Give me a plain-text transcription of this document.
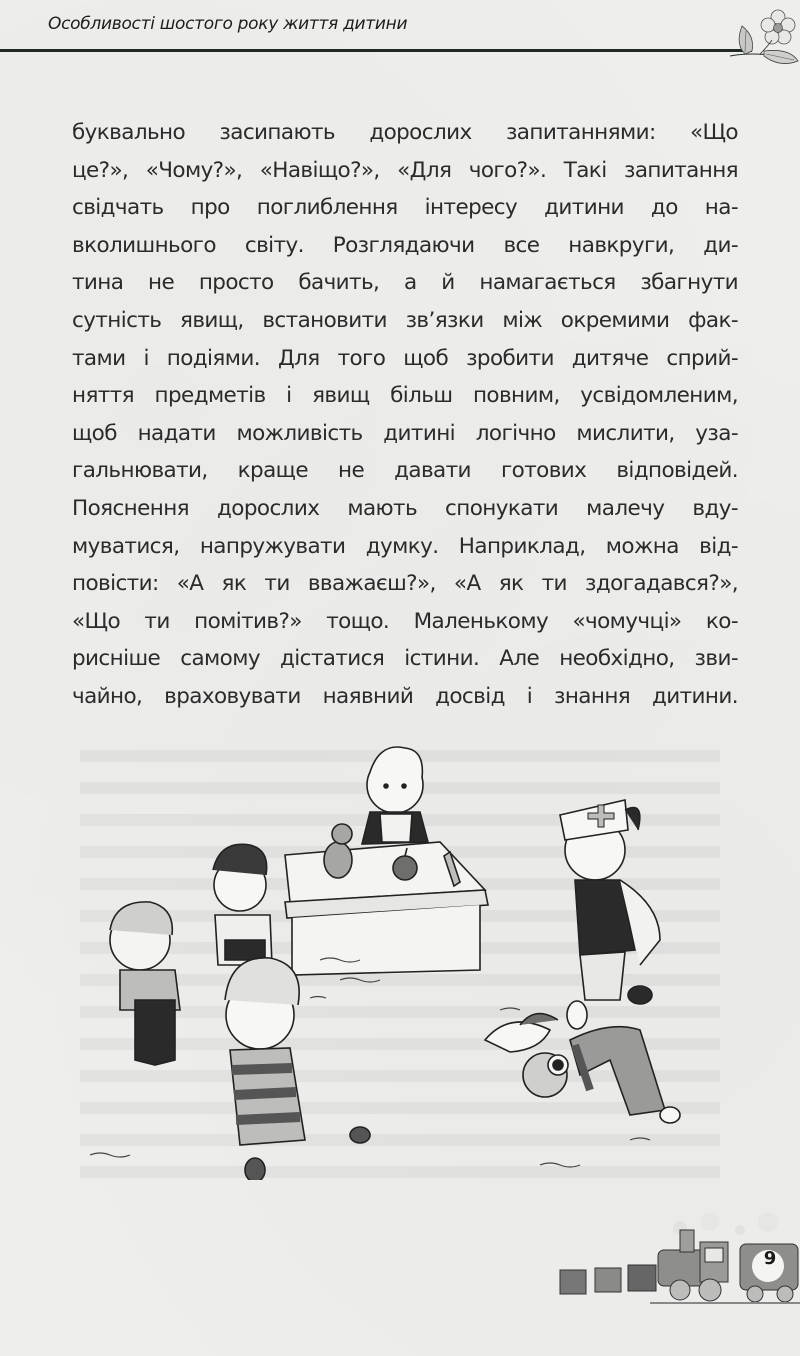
Особливості шостого року життя дитини
буквально засипають дорослих запитаннями: «Що
це?», «Чому?», «Навіщо?», «Для чого?». Такі запитання
свідчать про поглиблення інтересу дитини до на-
вколишнього світу. Розглядаючи все навкруги, ди-
тина не просто бачить, а й намагається збагнути
сутність явищ, встановити зв’язки між окремими фак-
тами і подіями. Для того щоб зробити дитяче сприй-
няття предметів і явищ більш повним, усвідомленим,
щоб надати можливість дитині логічно мислити, уза-
гальнювати, краще не давати готових відповідей.
Пояснення дорослих мають спонукати малечу вду-
муватися, напружувати думку. Наприклад, можна від-
повісти: «А як ти вважаєш?», «А як ти здогадався?»,
«Що ти помітив?» тощо. Маленькому «чомучці» ко-
рисніше самому дістатися істини. Але необхідно, зви-
чайно, враховувати наявний досвід і знання дитини.
9
